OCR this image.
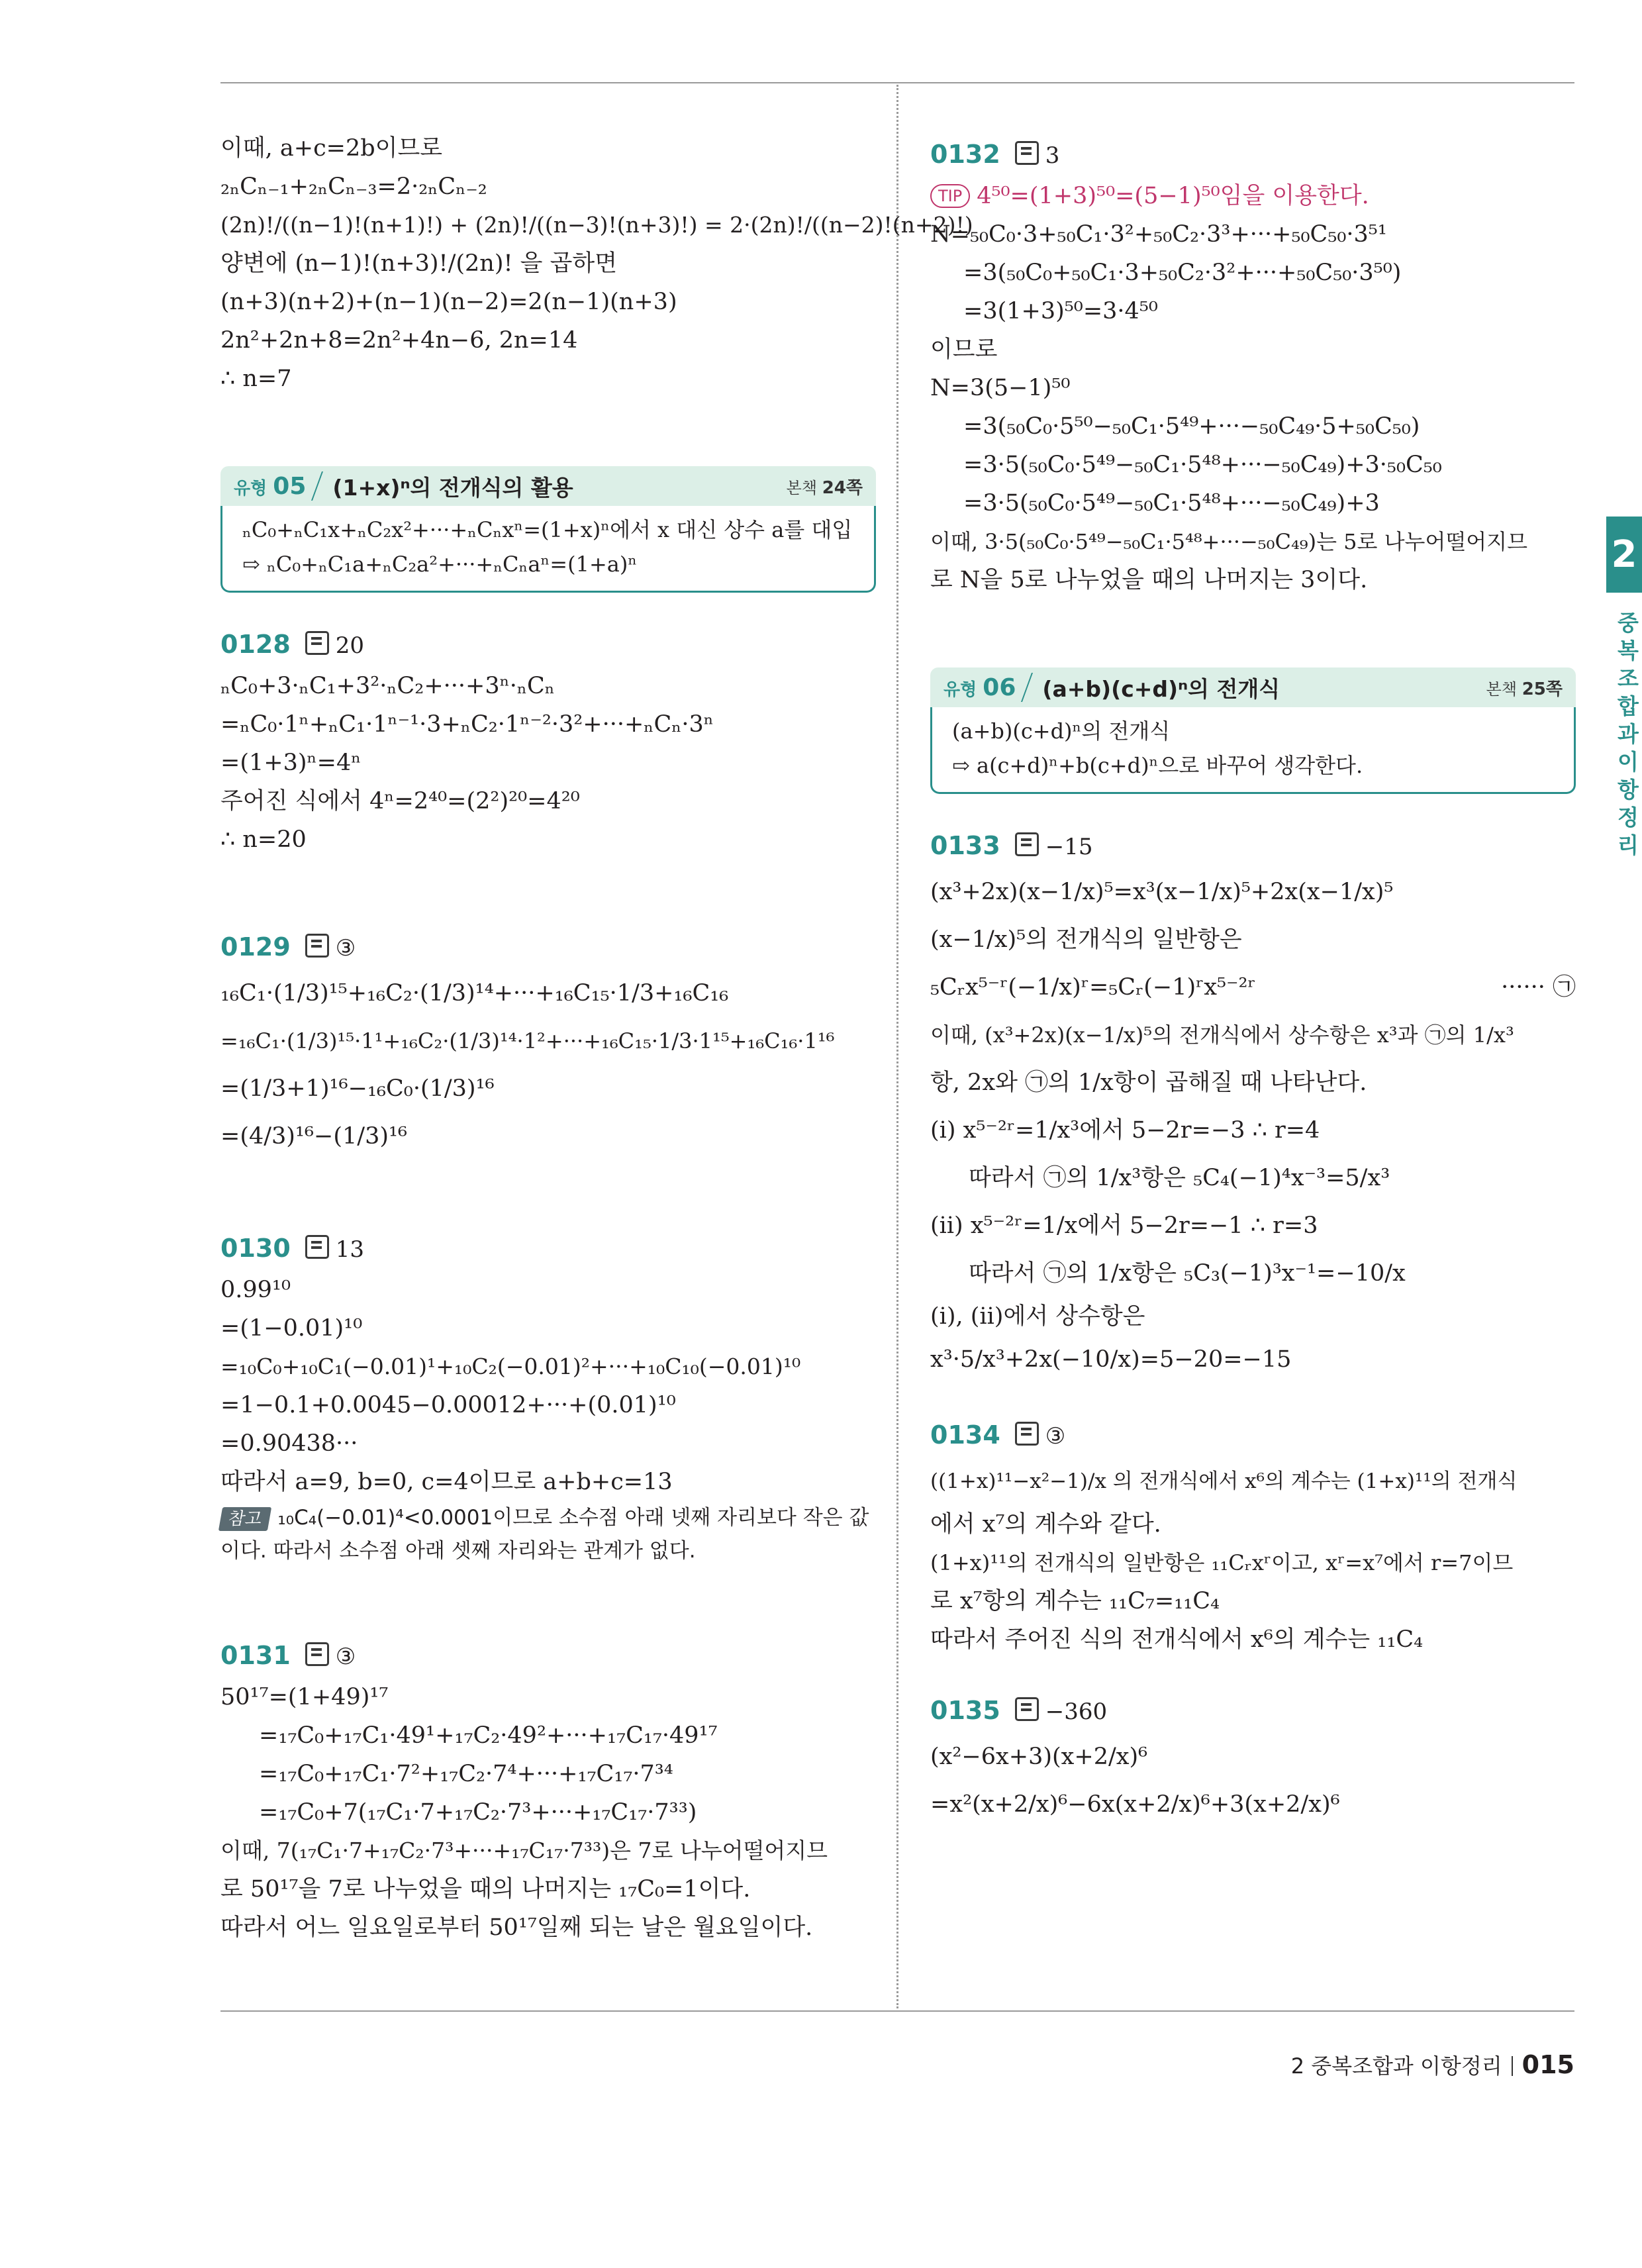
이때, a+c=2b이므로
₂ₙCₙ₋₁+₂ₙCₙ₋₃=2·₂ₙCₙ₋₂
(2n)!/((n−1)!(n+1)!) + (2n)!/((n−3)!(n+3)!) = 2·(2n)!/((n−2)!(n+2)!)
양변에 (n−1)!(n+3)!/(2n)! 을 곱하면
(n+3)(n+2)+(n−1)(n−2)=2(n−1)(n+3)
2n²+2n+8=2n²+4n−6, 2n=14
∴ n=7
유형 05 (1+x)ⁿ의 전개식의 활용	본책 24쪽
ₙC₀+ₙC₁x+ₙC₂x²+···+ₙCₙxⁿ=(1+x)ⁿ에서 x 대신 상수 a를 대입
⇨ ₙC₀+ₙC₁a+ₙC₂a²+···+ₙCₙaⁿ=(1+a)ⁿ
0128 20
ₙC₀+3·ₙC₁+3²·ₙC₂+···+3ⁿ·ₙCₙ
=ₙC₀·1ⁿ+ₙC₁·1ⁿ⁻¹·3+ₙC₂·1ⁿ⁻²·3²+···+ₙCₙ·3ⁿ
=(1+3)ⁿ=4ⁿ
주어진 식에서 4ⁿ=2⁴⁰=(2²)²⁰=4²⁰
∴ n=20
0129 ③
₁₆C₁·(1/3)¹⁵+₁₆C₂·(1/3)¹⁴+···+₁₆C₁₅·1/3+₁₆C₁₆
=₁₆C₁·(1/3)¹⁵·1¹+₁₆C₂·(1/3)¹⁴·1²+···+₁₆C₁₅·1/3·1¹⁵+₁₆C₁₆·1¹⁶
=(1/3+1)¹⁶−₁₆C₀·(1/3)¹⁶
=(4/3)¹⁶−(1/3)¹⁶
0130 13
0.99¹⁰
=(1−0.01)¹⁰
=₁₀C₀+₁₀C₁(−0.01)¹+₁₀C₂(−0.01)²+···+₁₀C₁₀(−0.01)¹⁰
=1−0.1+0.0045−0.00012+···+(0.01)¹⁰
=0.90438···
따라서 a=9, b=0, c=4이므로 a+b+c=13
참고 ₁₀C₄(−0.01)⁴<0.0001이므로 소수점 아래 넷째 자리보다 작은 값이다. 따라서 소수점 아래 셋째 자리와는 관계가 없다.
0131 ③
50¹⁷=(1+49)¹⁷
=₁₇C₀+₁₇C₁·49¹+₁₇C₂·49²+···+₁₇C₁₇·49¹⁷
=₁₇C₀+₁₇C₁·7²+₁₇C₂·7⁴+···+₁₇C₁₇·7³⁴
=₁₇C₀+7(₁₇C₁·7+₁₇C₂·7³+···+₁₇C₁₇·7³³)
이때, 7(₁₇C₁·7+₁₇C₂·7³+···+₁₇C₁₇·7³³)은 7로 나누어떨어지므
로 50¹⁷을 7로 나누었을 때의 나머지는 ₁₇C₀=1이다.
따라서 어느 일요일로부터 50¹⁷일째 되는 날은 월요일이다.
0132 3
TIP 4⁵⁰=(1+3)⁵⁰=(5−1)⁵⁰임을 이용한다.
N=₅₀C₀·3+₅₀C₁·3²+₅₀C₂·3³+···+₅₀C₅₀·3⁵¹
=3(₅₀C₀+₅₀C₁·3+₅₀C₂·3²+···+₅₀C₅₀·3⁵⁰)
=3(1+3)⁵⁰=3·4⁵⁰
이므로
N=3(5−1)⁵⁰
=3(₅₀C₀·5⁵⁰−₅₀C₁·5⁴⁹+···−₅₀C₄₉·5+₅₀C₅₀)
=3·5(₅₀C₀·5⁴⁹−₅₀C₁·5⁴⁸+···−₅₀C₄₉)+3·₅₀C₅₀
=3·5(₅₀C₀·5⁴⁹−₅₀C₁·5⁴⁸+···−₅₀C₄₉)+3
이때, 3·5(₅₀C₀·5⁴⁹−₅₀C₁·5⁴⁸+···−₅₀C₄₉)는 5로 나누어떨어지므
로 N을 5로 나누었을 때의 나머지는 3이다.
유형 06 (a+b)(c+d)ⁿ의 전개식	본책 25쪽
(a+b)(c+d)ⁿ의 전개식
⇨ a(c+d)ⁿ+b(c+d)ⁿ으로 바꾸어 생각한다.
0133 −15
(x³+2x)(x−1/x)⁵=x³(x−1/x)⁵+2x(x−1/x)⁵
(x−1/x)⁵의 전개식의 일반항은
₅Cᵣx⁵⁻ʳ(−1/x)ʳ=₅Cᵣ(−1)ʳx⁵⁻²ʳ	······ ㉠
이때, (x³+2x)(x−1/x)⁵의 전개식에서 상수항은 x³과 ㉠의 1/x³
항, 2x와 ㉠의 1/x항이 곱해질 때 나타난다.
(ⅰ) x⁵⁻²ʳ=1/x³에서 5−2r=−3 ∴ r=4
따라서 ㉠의 1/x³항은 ₅C₄(−1)⁴x⁻³=5/x³
(ⅱ) x⁵⁻²ʳ=1/x에서 5−2r=−1 ∴ r=3
따라서 ㉠의 1/x항은 ₅C₃(−1)³x⁻¹=−10/x
(ⅰ), (ⅱ)에서 상수항은
x³·5/x³+2x(−10/x)=5−20=−15
0134 ③
((1+x)¹¹−x²−1)/x 의 전개식에서 x⁶의 계수는 (1+x)¹¹의 전개식
에서 x⁷의 계수와 같다.
(1+x)¹¹의 전개식의 일반항은 ₁₁Cᵣxʳ이고, xʳ=x⁷에서 r=7이므
로 x⁷항의 계수는 ₁₁C₇=₁₁C₄
따라서 주어진 식의 전개식에서 x⁶의 계수는 ₁₁C₄
0135 −360
(x²−6x+3)(x+2/x)⁶
=x²(x+2/x)⁶−6x(x+2/x)⁶+3(x+2/x)⁶
2
중복조합과 이항정리
2 중복조합과 이항정리 015
